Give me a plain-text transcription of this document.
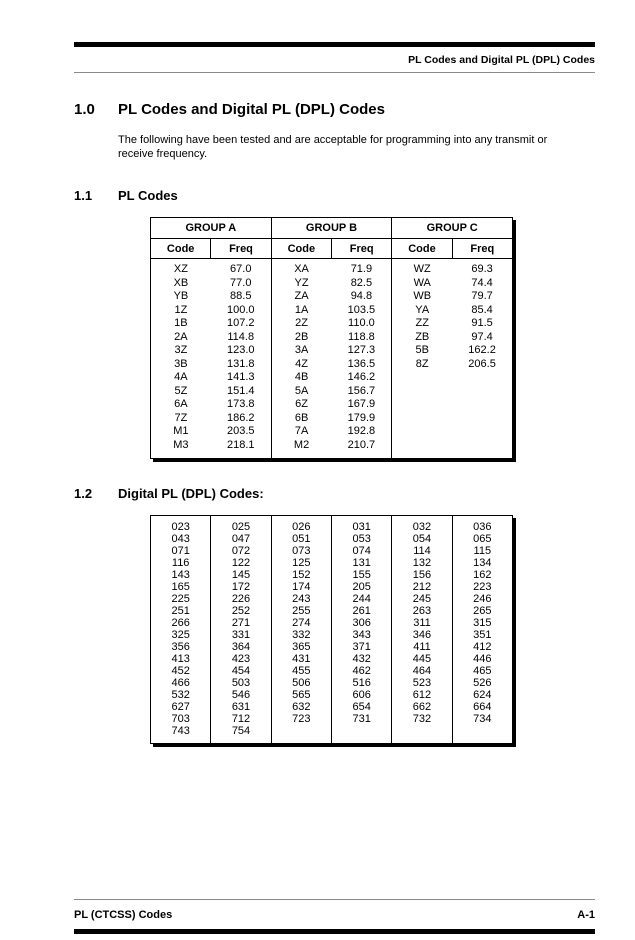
PL Codes and Digital PL (DPL) Codes
1.0	PL Codes and Digital PL (DPL) Codes

The following have been tested and are acceptable for programming into any transmit or receive frequency.

1.1	PL Codes
GROUP A		GROUP B		GROUP C	
Code	Freq	Code	Freq	Code	Freq
XZ	67.0	XA	71.9	WZ	69.3
XB	77.0	YZ	82.5	WA	74.4
YB	88.5	ZA	94.8	WB	79.7
1Z	100.0	1A	103.5	YA	85.4
1B	107.2	2Z	110.0	ZZ	91.5
2A	114.8	2B	118.8	ZB	97.4
3Z	123.0	3A	127.3	5B	162.2
3B	131.8	4Z	136.5	8Z	206.5
4A	141.3	4B	146.2		
5Z	151.4	5A	156.7		
6A	173.8	6Z	167.9		
7Z	186.2	6B	179.9		
M1	203.5	7A	192.8		
M3	218.1	M2	210.7		
1.2	Digital PL (DPL) Codes:
023	025	026	031	032	036
043	047	051	053	054	065
071	072	073	074	114	115
116	122	125	131	132	134
143	145	152	155	156	162
165	172	174	205	212	223
225	226	243	244	245	246
251	252	255	261	263	265
266	271	274	306	311	315
325	331	332	343	346	351
356	364	365	371	411	412
413	423	431	432	445	446
452	454	455	462	464	465
466	503	506	516	523	526
532	546	565	606	612	624
627	631	632	654	662	664
703	712	723	731	732	734
743	754				
PL (CTCSS) Codes	A-1
